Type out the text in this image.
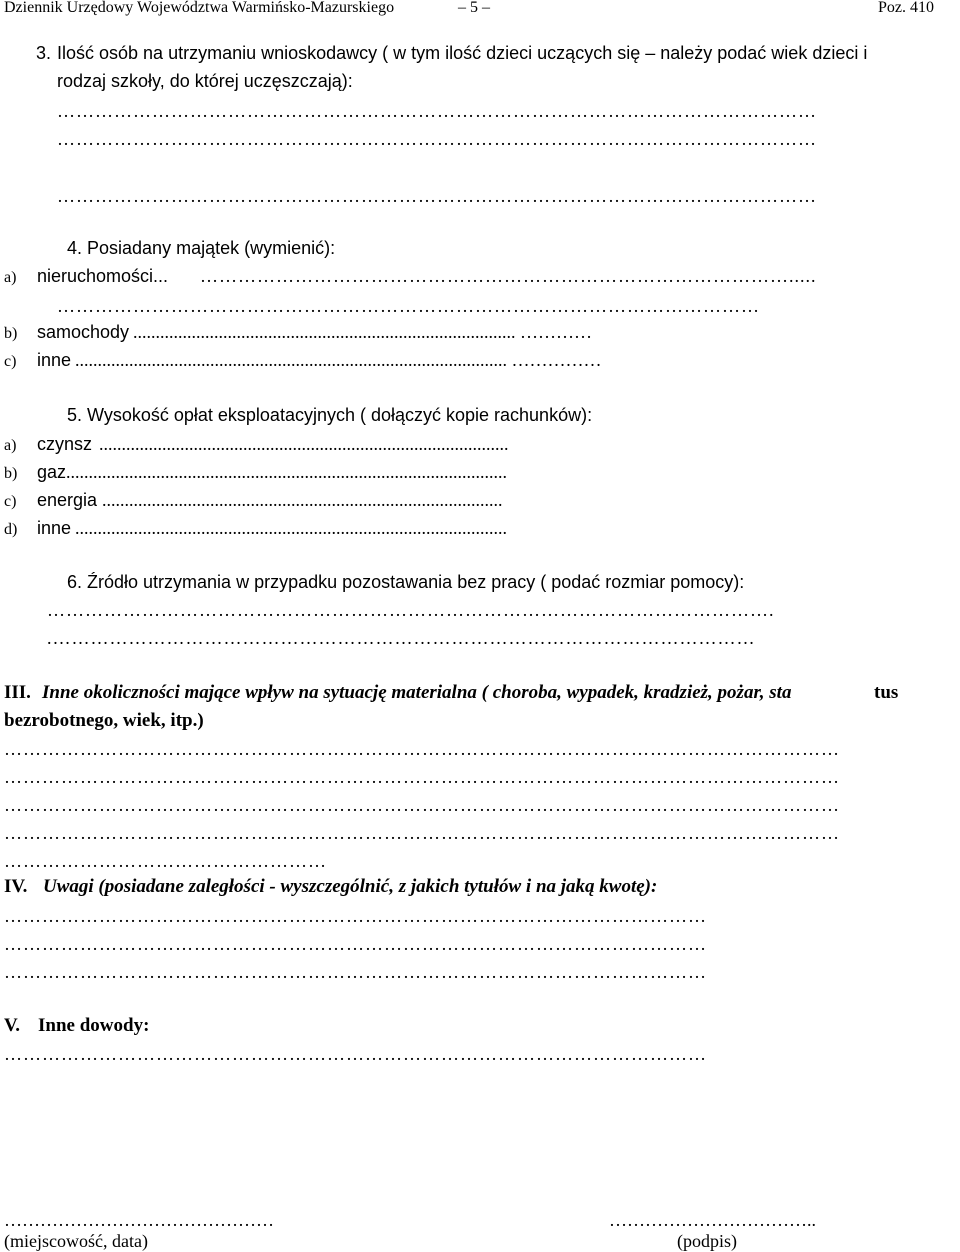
Dziennik Urzędowy Województwa Warmińsko-Mazurskiego	– 5 –	Poz. 410
3. Ilość osób na utrzymaniu wnioskodawcy ( w tym ilość dzieci uczących się – należy podać wiek dzieci i
rodzaj szkoły, do której uczęszczają):
…………………………………………………………………………………………………………
…………………………………………………………………………………………………………
…………………………………………………………………………………………………………
4. Posiadany majątek (wymienić):
a) nieruchomości... ………………………………………………………………………………….....
…………………………………………………………………………………………………
b) samochody ..................................................................................... …………
c) inne ................................................................................................ ……………
5. Wysokość opłat eksploatacyjnych ( dołączyć kopie rachunków):
a) czynsz ...........................................................................................
b) gaz ..................................................................................................
c) energia .........................................................................................
d) inne ................................................................................................
6. Źródło utrzymania w przypadku pozostawania bez pracy ( podać rozmiar pomocy):
…………………………………………………………………………………………………….
.…………………………………………………………………………………………………
III. Inne okoliczności mające wpływ na sytuację materialna ( choroba, wypadek, kradzież, pożar, sta	tus
bezrobotnego, wiek, itp.)
……………………………………………………………………………………………………………………
……………………………………………………………………………………………………………………
……………………………………………………………………………………………………………………
……………………………………………………………………………………………………………………
……………………………………………
IV. Uwagi (posiadane zaległości - wyszczególnić, z jakich tytułów i na jaką kwotę):
…………………………………………………………………………………………………
…………………………………………………………………………………………………
…………………………………………………………………………………………………
V. Inne dowody:
…………………………………………………………………………………………………
………………………………………
(miejscowość, data)
……………………………..
(podpis)
